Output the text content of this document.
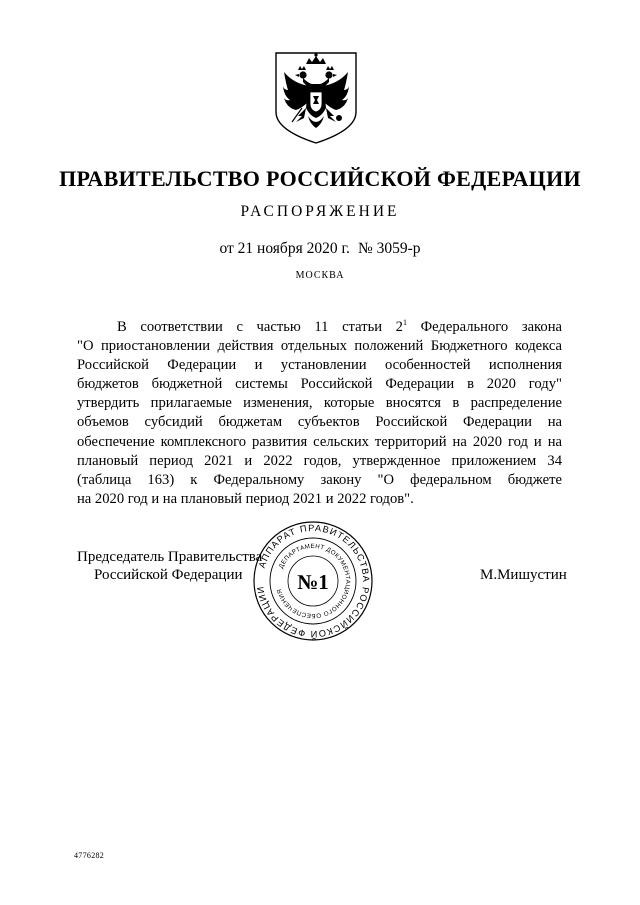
ПРАВИТЕЛЬСТВО РОССИЙСКОЙ ФЕДЕРАЦИИ
РАСПОРЯЖЕНИЕ
от 21 ноября 2020 г. № 3059-р
МОСКВА

В соответствии с частью 11 статьи $2^1$ Федерального закона
"О приостановлении действия отдельных положений Бюджетного кодекса
Российской Федерации и установлении особенностей исполнения
бюджетов бюджетной системы Российской Федерации в 2020 году"
утвердить прилагаемые изменения, которые вносятся в распределение
объемов субсидий бюджетам субъектов Российской Федерации на
обеспечение комплексного развития сельских территорий на 2020 год и на
плановый период 2021 и 2022 годов, утвержденное приложением 34
(таблица 163) к Федеральному закону "О федеральном бюджете
на 2020 год и на плановый период 2021 и 2022 годов".

Председатель Правительства
Российской Федерации	М.Мишустин
АППАРАТ ПРАВИТЕЛЬСТВА РОССИЙСКОЙ ФЕДЕРАЦИИ
ДЕПАРТАМЕНТ ДОКУМЕНТАЦИОННОГО ОБЕСПЕЧЕНИЯ №1
4776282
